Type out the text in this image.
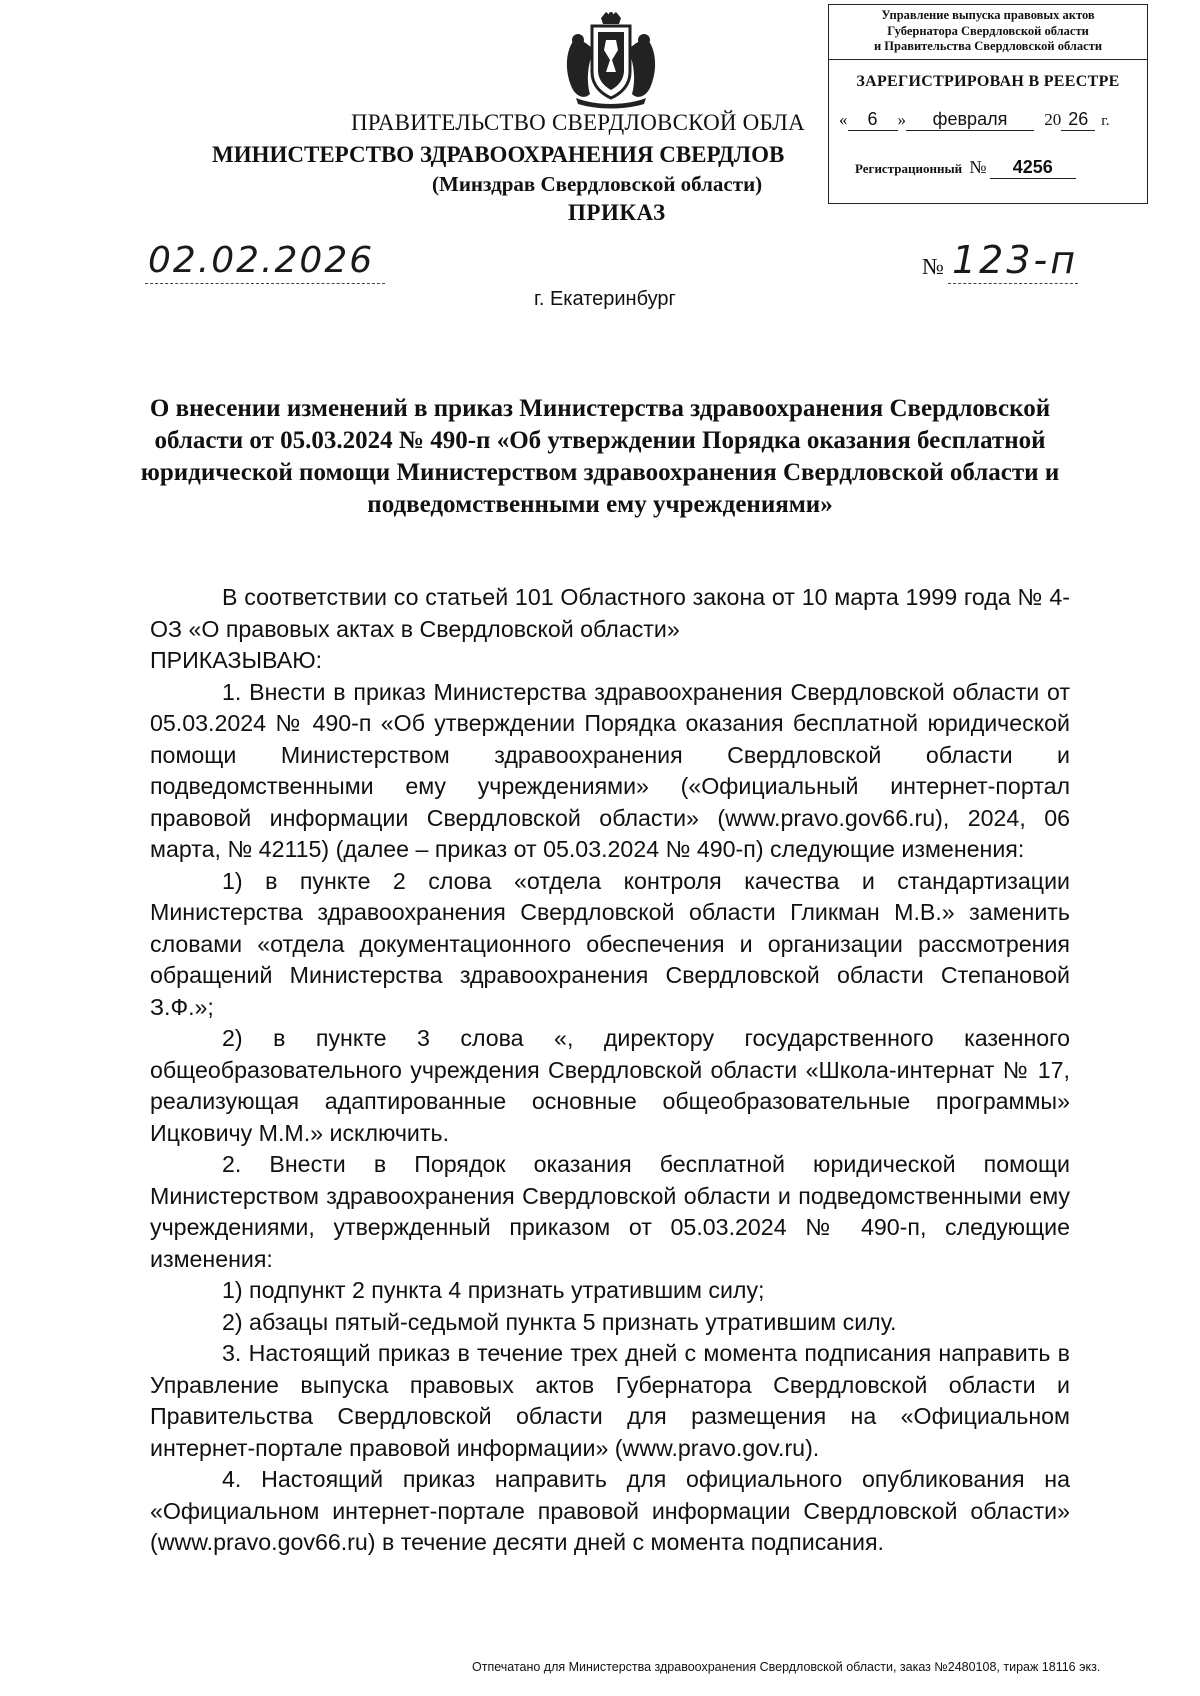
ПРАВИТЕЛЬСТВО СВЕРДЛОВСКОЙ ОБЛА
МИНИСТЕРСТВО ЗДРАВООХРАНЕНИЯ СВЕРДЛОВ
(Минздрав Свердловской области)
ПРИКАЗ
Управление выпуска правовых актов
Губернатора Свердловской области
и Правительства Свердловской области
ЗАРЕГИСТРИРОВАН В РЕЕСТРЕ
« 6 » февраля 20 26 г.
Регистрационный № 4256
02.02.2026	№ 123-п
г. Екатеринбург
О внесении изменений в приказ Министерства здравоохранения Свердловской области от 05.03.2024 № 490-п «Об утверждении Порядка оказания бесплатной юридической помощи Министерством здравоохранения Свердловской области и подведомственными ему учреждениями»

В соответствии со статьей 101 Областного закона от 10 марта 1999 года № 4-ОЗ «О правовых актах в Свердловской области»

ПРИКАЗЫВАЮ:

1. Внести в приказ Министерства здравоохранения Свердловской области от 05.03.2024 № 490-п «Об утверждении Порядка оказания бесплатной юридической помощи Министерством здравоохранения Свердловской области и подведомственными ему учреждениями» («Официальный интернет-портал правовой информации Свердловской области» (www.pravo.gov66.ru), 2024, 06 марта, № 42115) (далее – приказ от 05.03.2024 № 490-п) следующие изменения:

1) в пункте 2 слова «отдела контроля качества и стандартизации Министерства здравоохранения Свердловской области Гликман М.В.» заменить словами «отдела документационного обеспечения и организации рассмотрения обращений Министерства здравоохранения Свердловской области Степановой З.Ф.»;

2) в пункте 3 слова «, директору государственного казенного общеобразовательного учреждения Свердловской области «Школа-интернат № 17, реализующая адаптированные основные общеобразовательные программы» Ицковичу М.М.» исключить.

2. Внести в Порядок оказания бесплатной юридической помощи Министерством здравоохранения Свердловской области и подведомственными ему учреждениями, утвержденный приказом от 05.03.2024 № 490-п, следующие изменения:

1) подпункт 2 пункта 4 признать утратившим силу;

2) абзацы пятый-седьмой пункта 5 признать утратившим силу.

3. Настоящий приказ в течение трех дней с момента подписания направить в Управление выпуска правовых актов Губернатора Свердловской области и Правительства Свердловской области для размещения на «Официальном интернет-портале правовой информации» (www.pravo.gov.ru).

4. Настоящий приказ направить для официального опубликования на «Официальном интернет-портале правовой информации Свердловской области» (www.pravo.gov66.ru) в течение десяти дней с момента подписания.

Отпечатано для Министерства здравоохранения Свердловской области, заказ №2480108, тираж 18116 экз.
